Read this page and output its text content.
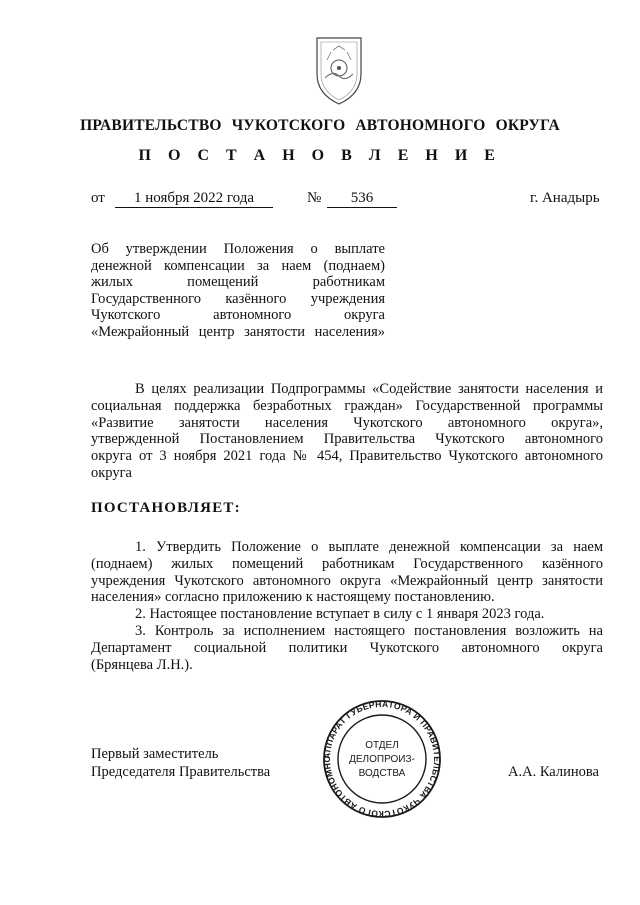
ПРАВИТЕЛЬСТВО ЧУКОТСКОГО АВТОНОМНОГО ОКРУГА
П О С Т А Н О В Л Е Н И Е
от	1 ноября 2022 года	№	536	г. Анадырь
Об утверждении Положения о выплате
денежной компенсации за наем (поднаем)
жилых помещений работникам
Государственного казённого учреждения
Чукотского автономного округа
«Межрайонный центр занятости населения»
В целях реализации Подпрограммы «Содействие занятости населения и
социальная поддержка безработных граждан» Государственной программы
«Развитие занятости населения Чукотского автономного округа»,
утвержденной Постановлением Правительства Чукотского автономного
округа от 3 ноября 2021 года № 454, Правительство Чукотского автономного
округа
ПОСТАНОВЛЯЕТ:
1. Утвердить Положение о выплате денежной компенсации за наем
(поднаем) жилых помещений работникам Государственного казённого
учреждения Чукотского автономного округа «Межрайонный центр занятости
населения» согласно приложению к настоящему постановлению.
2. Настоящее постановление вступает в силу с 1 января 2023 года.
3. Контроль за исполнением настоящего постановления возложить на
Департамент социальной политики Чукотского автономного округа
(Брянцева Л.Н.).
АППАРАТ ГУБЕРНАТОРА И ПРАВИТЕЛЬСТВА ЧУКОТСКОГО АВТОНОМНО
ОТДЕЛ
ДЕЛОПРОИЗ-
ВОДСТВА
Первый заместитель
Председателя Правительства	А.А. Калинова
